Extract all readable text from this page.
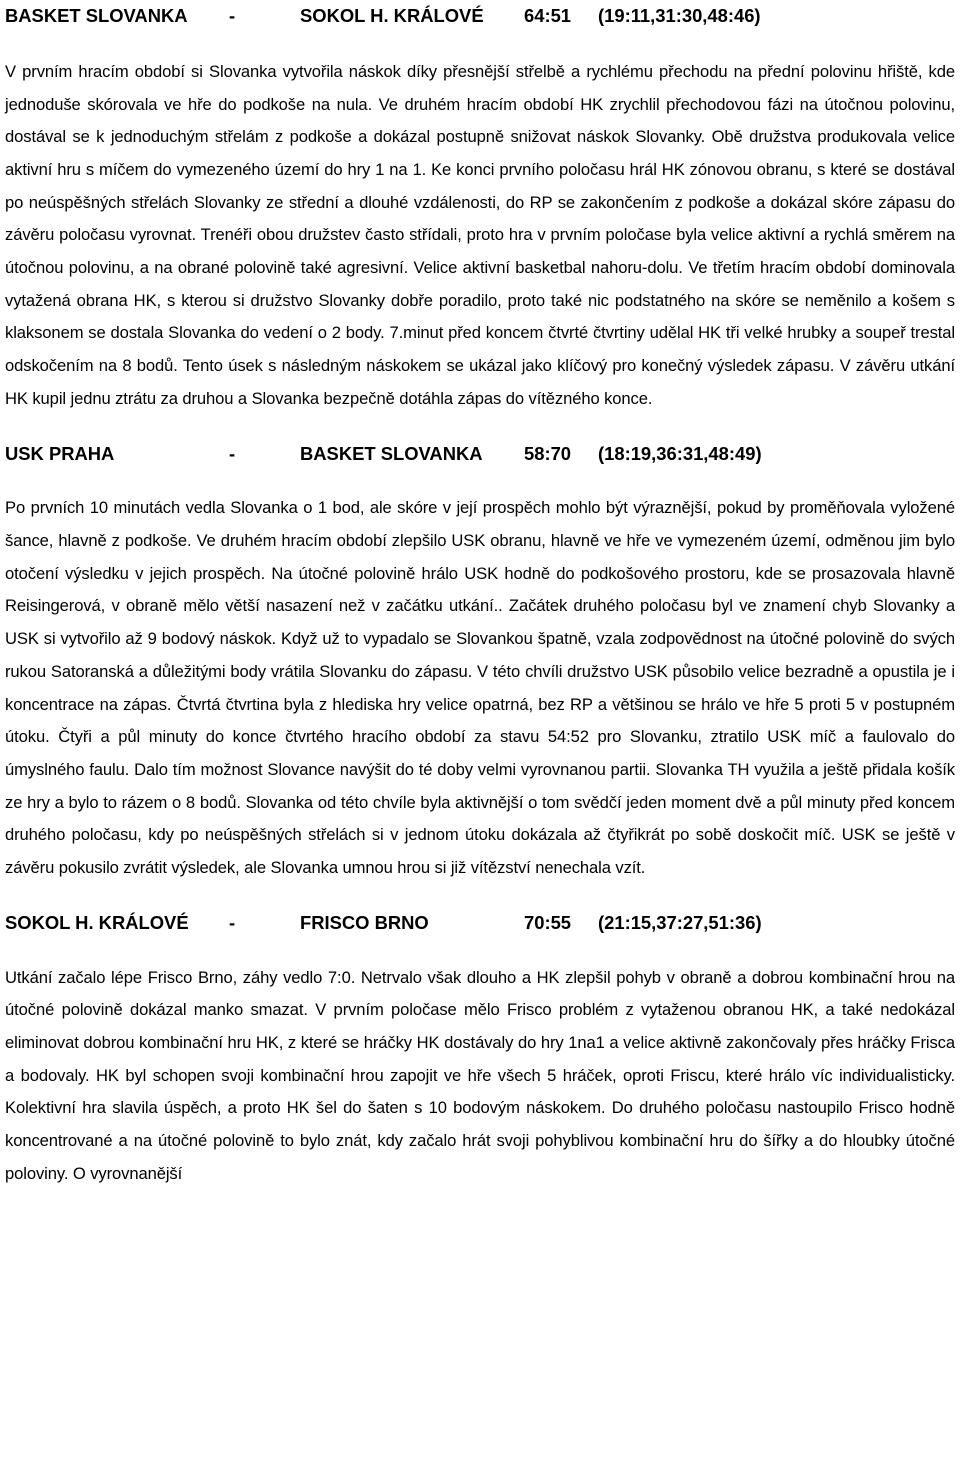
BASKET SLOVANKA -	SOKOL H. KRÁLOVÉ 64:51 (19:11,31:30,48:46)

V prvním hracím období si Slovanka vytvořila náskok díky přesnější střelbě a rychlému přechodu na přední polovinu hřiště, kde jednoduše skórovala ve hře do podkoše na nula. Ve druhém hracím období HK zrychlil přechodovou fázi na útočnou polovinu, dostával se k jednoduchým střelám z podkoše a dokázal postupně snižovat náskok Slovanky. Obě družstva produkovala velice aktivní hru s míčem do vymezeného území do hry 1 na 1. Ke konci prvního poločasu hrál HK zónovou obranu, s které se dostával po neúspěšných střelách Slovanky ze střední a dlouhé vzdálenosti, do RP se zakončením z podkoše a dokázal skóre zápasu do závěru poločasu vyrovnat. Trenéři obou družstev často střídali, proto hra v prvním poločase byla velice aktivní a rychlá směrem na útočnou polovinu, a na obrané polovině také agresivní. Velice aktivní basketbal nahoru-dolu. Ve třetím hracím období dominovala vytažená obrana HK, s kterou si družstvo Slovanky dobře poradilo, proto také nic podstatného na skóre se neměnilo a košem s klaksonem se dostala Slovanka do vedení o 2 body. 7.minut před koncem čtvrté čtvrtiny udělal HK tři velké hrubky a soupeř trestal odskočením na 8 bodů. Tento úsek s následným náskokem se ukázal jako klíčový pro konečný výsledek zápasu. V závěru utkání HK kupil jednu ztrátu za druhou a Slovanka bezpečně dotáhla zápas do vítězného konce.

USK PRAHA	-	BASKET SLOVANKA 58:70 (18:19,36:31,48:49)

Po prvních 10 minutách vedla Slovanka o 1 bod, ale skóre v její prospěch mohlo být výraznější, pokud by proměňovala vyložené šance, hlavně z podkoše. Ve druhém hracím období zlepšilo USK obranu, hlavně ve hře ve vymezeném území, odměnou jim bylo otočení výsledku v jejich prospěch. Na útočné polovině hrálo USK hodně do podkošového prostoru, kde se prosazovala hlavně Reisingerová, v obraně mělo větší nasazení než v začátku utkání.. Začátek druhého poločasu byl ve znamení chyb Slovanky a USK si vytvořilo až 9 bodový náskok. Když už to vypadalo se Slovankou špatně, vzala zodpovědnost na útočné polovině do svých rukou Satoranská a důležitými body vrátila Slovanku do zápasu. V této chvíli družstvo USK působilo velice bezradně a opustila je i koncentrace na zápas. Čtvrtá čtvrtina byla z hlediska hry velice opatrná, bez RP a většinou se hrálo ve hře 5 proti 5 v postupném útoku. Čtyři a půl minuty do konce čtvrtého hracího období za stavu 54:52 pro Slovanku, ztratilo USK míč a faulovalo do úmyslného faulu. Dalo tím možnost Slovance navýšit do té doby velmi vyrovnanou partii. Slovanka TH využila a ještě přidala košík ze hry a bylo to rázem o 8 bodů. Slovanka od této chvíle byla aktivnější o tom svědčí jeden moment dvě a půl minuty před koncem druhého poločasu, kdy po neúspěšných střelách si v jednom útoku dokázala až čtyřikrát po sobě doskočit míč. USK se ještě v závěru pokusilo zvrátit výsledek, ale Slovanka umnou hrou si již vítězství nenechala vzít.

SOKOL H. KRÁLOVÉ -	FRISCO BRNO	70:55 (21:15,37:27,51:36)

Utkání začalo lépe Frisco Brno, záhy vedlo 7:0. Netrvalo však dlouho a HK zlepšil pohyb v obraně a dobrou kombinační hrou na útočné polovině dokázal manko smazat. V prvním poločase mělo Frisco problém z vytaženou obranou HK, a také nedokázal eliminovat dobrou kombinační hru HK, z které se hráčky HK dostávaly do hry 1na1 a velice aktivně zakončovaly přes hráčky Frisca a bodovaly. HK byl schopen svoji kombinační hrou zapojit ve hře všech 5 hráček, oproti Friscu, které hrálo víc individualisticky. Kolektivní hra slavila úspěch, a proto HK šel do šaten s 10 bodovým náskokem. Do druhého poločasu nastoupilo Frisco hodně koncentrované a na útočné polovině to bylo znát, kdy začalo hrát svoji pohyblivou kombinační hru do šířky a do hloubky útočné poloviny. O vyrovnanější
